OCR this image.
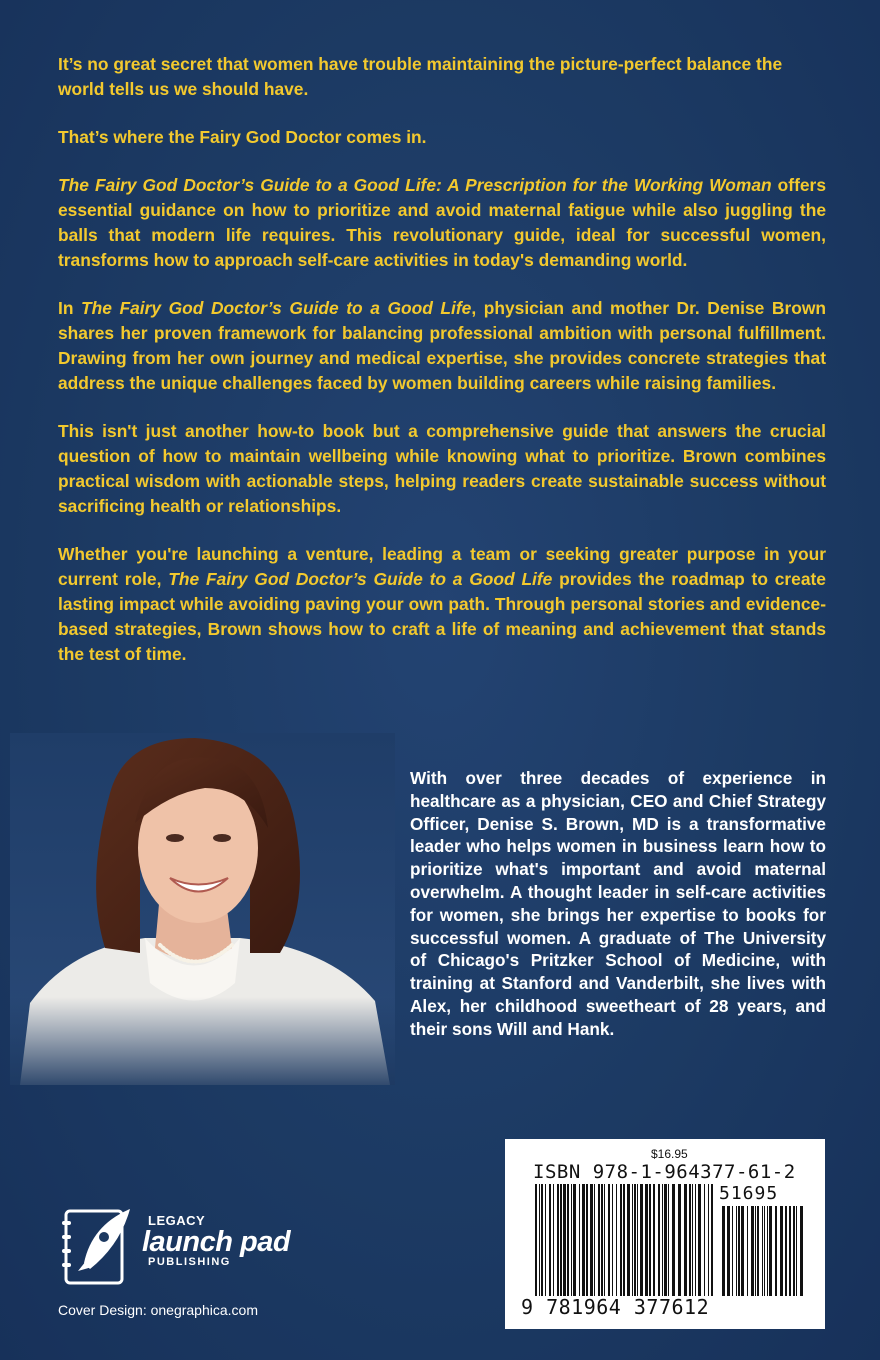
It’s no great secret that women have trouble maintaining the picture-perfect balance the world tells us we should have.

That’s where the Fairy God Doctor comes in.

The Fairy God Doctor’s Guide to a Good Life: A Prescription for the Working Woman offers essential guidance on how to prioritize and avoid maternal fatigue while also juggling the balls that modern life requires. This revolutionary guide, ideal for successful women, transforms how to approach self-care activities in today's demanding world.

In The Fairy God Doctor’s Guide to a Good Life, physician and mother Dr. Denise Brown shares her proven framework for balancing professional ambition with personal fulfillment. Drawing from her own journey and medical expertise, she provides concrete strategies that address the unique challenges faced by women building careers while raising families.

This isn't just another how-to book but a comprehensive guide that answers the crucial question of how to maintain wellbeing while knowing what to prioritize. Brown combines practical wisdom with actionable steps, helping readers create sustainable success without sacrificing health or relationships.

Whether you're launching a venture, leading a team or seeking greater purpose in your current role, The Fairy God Doctor’s Guide to a Good Life provides the roadmap to create lasting impact while avoiding paving your own path. Through personal stories and evidence-based strategies, Brown shows how to craft a life of meaning and achievement that stands the test of time.

With over three decades of experience in healthcare as a physician, CEO and Chief Strategy Officer, Denise S. Brown, MD is a transformative leader who helps women in business learn how to prioritize what's important and avoid maternal overwhelm. A thought leader in self-care activities for women, she brings her expertise to books for successful women. A graduate of The University of Chicago's Pritzker School of Medicine, with training at Stanford and Vanderbilt, she lives with Alex, her childhood sweetheart of 28 years, and their sons Will and Hank.
LEGACY
launch pad
PUBLISHING
Cover Design: onegraphica.com
$16.95
ISBN 978-1-964377-61-2
51695
9 781964 377612
